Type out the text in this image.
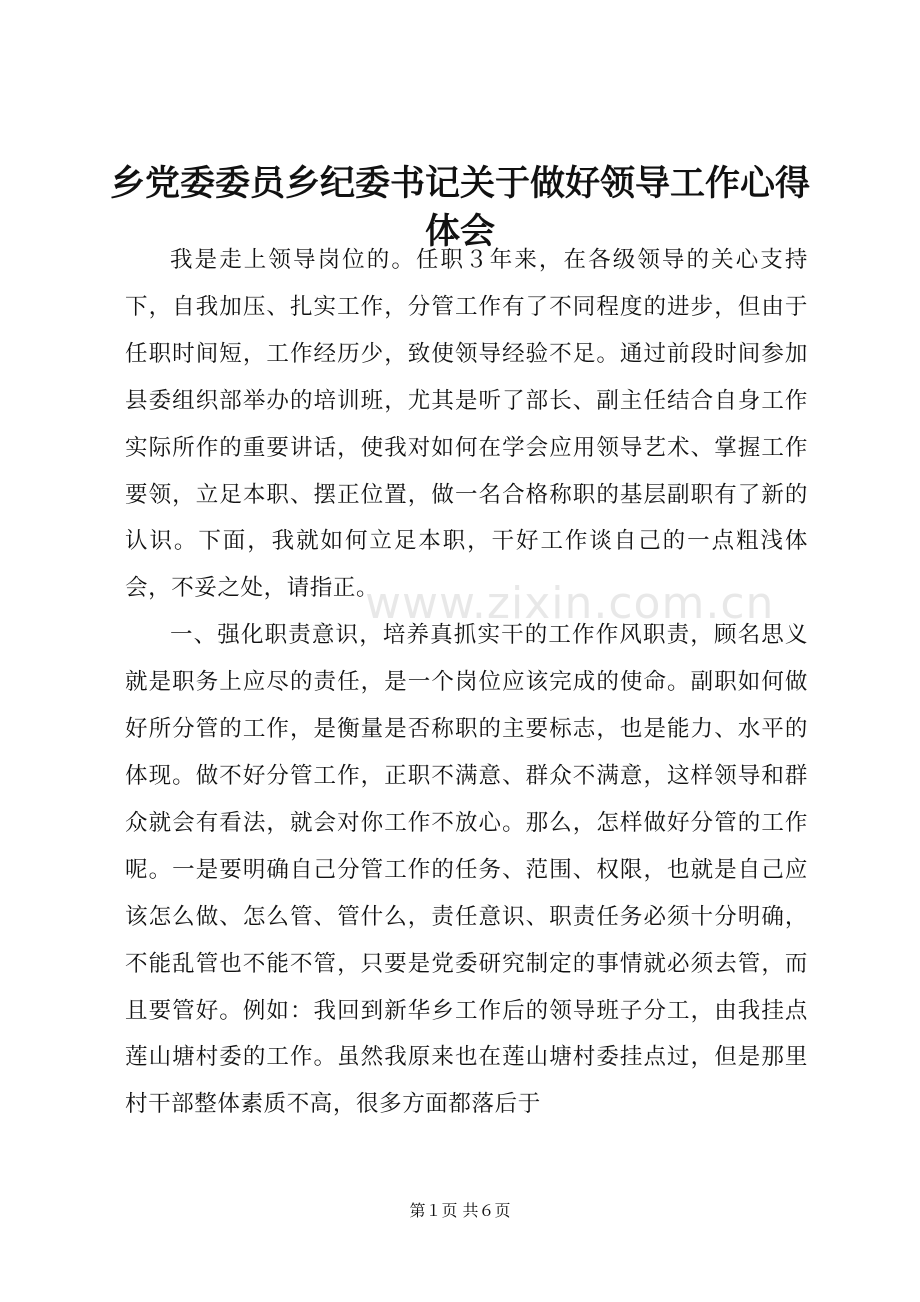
乡党委委员乡纪委书记关于做好领导工作心得体会

我是走上领导岗位的。任职３年来，在各级领导的关心支持下，自我加压、扎实工作，分管工作有了不同程度的进步，但由于任职时间短，工作经历少，致使领导经验不足。通过前段时间参加县委组织部举办的培训班，尤其是听了部长、副主任结合自身工作实际所作的重要讲话，使我对如何在学会应用领导艺术、掌握工作要领，立足本职、摆正位置，做一名合格称职的基层副职有了新的认识。下面，我就如何立足本职，干好工作谈自己的一点粗浅体会，不妥之处，请指正。

一、强化职责意识，培养真抓实干的工作作风职责，顾名思义就是职务上应尽的责任，是一个岗位应该完成的使命。副职如何做好所分管的工作，是衡量是否称职的主要标志，也是能力、水平的体现。做不好分管工作，正职不满意、群众不满意，这样领导和群众就会有看法，就会对你工作不放心。那么，怎样做好分管的工作呢。一是要明确自己分管工作的任务、范围、权限，也就是自己应该怎么做、怎么管、管什么，责任意识、职责任务必须十分明确，不能乱管也不能不管，只要是党委研究制定的事情就必须去管，而且要管好。例如：我回到新华乡工作后的领导班子分工，由我挂点莲山塘村委的工作。虽然我原来也在莲山塘村委挂点过，但是那里村干部整体素质不高，很多方面都落后于

www.zixin.com.cn
第１页 共６页
